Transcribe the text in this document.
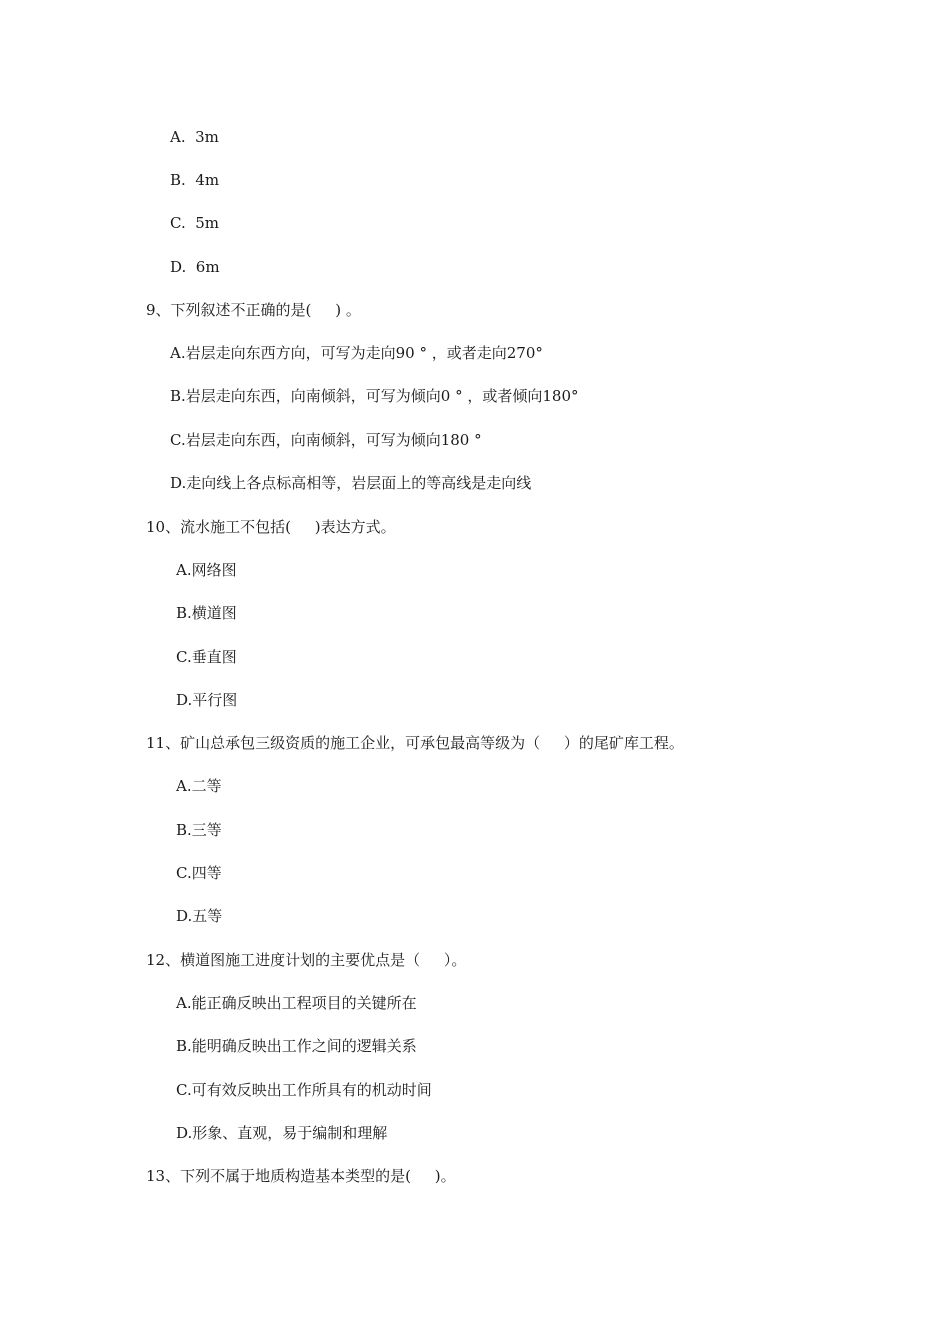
A.  3m
B.  4m
C.  5m
D.  6m
9、下列叙述不正确的是(     ) 。
A.岩层走向东西方向，可写为走向90 ° ，或者走向270°
B.岩层走向东西，向南倾斜，可写为倾向0 ° ，或者倾向180°
C.岩层走向东西，向南倾斜，可写为倾向180 °
D.走向线上各点标高相等，岩层面上的等高线是走向线
10、流水施工不包括(     )表达方式。
A.网络图
B.横道图
C.垂直图
D.平行图
11、矿山总承包三级资质的施工企业，可承包最高等级为（     ）的尾矿库工程。
A.二等
B.三等
C.四等
D.五等
12、横道图施工进度计划的主要优点是（     ）。
A.能正确反映出工程项目的关键所在
B.能明确反映出工作之间的逻辑关系
C.可有效反映出工作所具有的机动时间
D.形象、直观，易于编制和理解
13、下列不属于地质构造基本类型的是(     )。
